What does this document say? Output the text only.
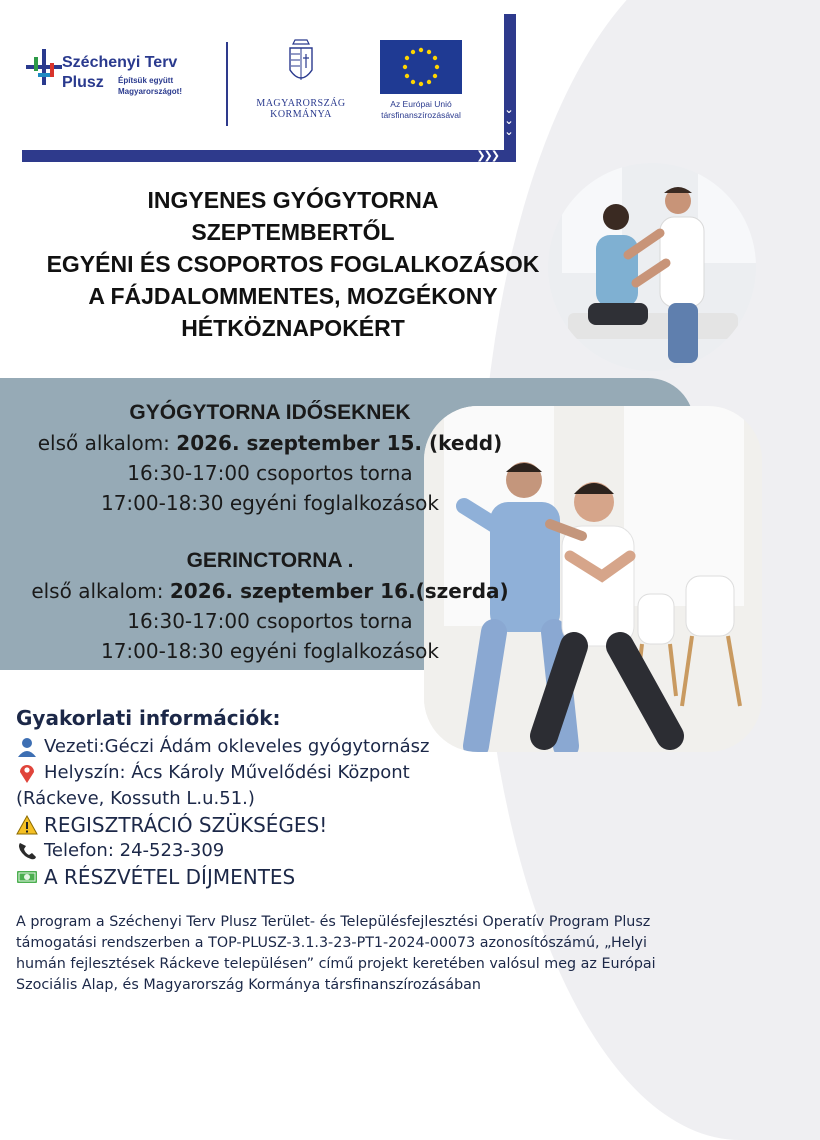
⌄
⌄
⌄
❯❯❯
Széchenyi Terv
Plusz Építsük együtt Magyarországot!
MAGYARORSZÁG
KORMÁNYA
Az Európai Unió
társfinanszírozásával
INGYENES GYÓGYTORNA
SZEPTEMBERTŐL
EGYÉNI ÉS CSOPORTOS FOGLALKOZÁSOK
A FÁJDALOMMENTES, MOZGÉKONY
HÉTKÖZNAPOKÉRT
GYÓGYTORNA IDŐSEKNEK
első alkalom: 2026. szeptember 15. (kedd)
16:30-17:00 csoportos torna
17:00-18:30 egyéni foglalkozások
GERINCTORNA .
első alkalom: 2026. szeptember 16.(szerda)
16:30-17:00 csoportos torna
17:00-18:30 egyéni foglalkozások
Gyakorlati információk:
Vezeti:Géczi Ádám okleveles gyógytornász
Helyszín: Ács Károly Művelődési Központ
(Ráckeve, Kossuth L.u.51.)
REGISZTRÁCIÓ SZÜKSÉGES!
Telefon: 24-523-309
A RÉSZVÉTEL DÍJMENTES
A program a Széchenyi Terv Plusz Terület- és Településfejlesztési Operatív Program Plusz
támogatási rendszerben a TOP-PLUSZ-3.1.3-23-PT1-2024-00073 azonosítószámú, „Helyi
humán fejlesztések Ráckeve településen” című projekt keretében valósul meg az Európai
Szociális Alap, és Magyarország Kormánya társfinanszírozásában
